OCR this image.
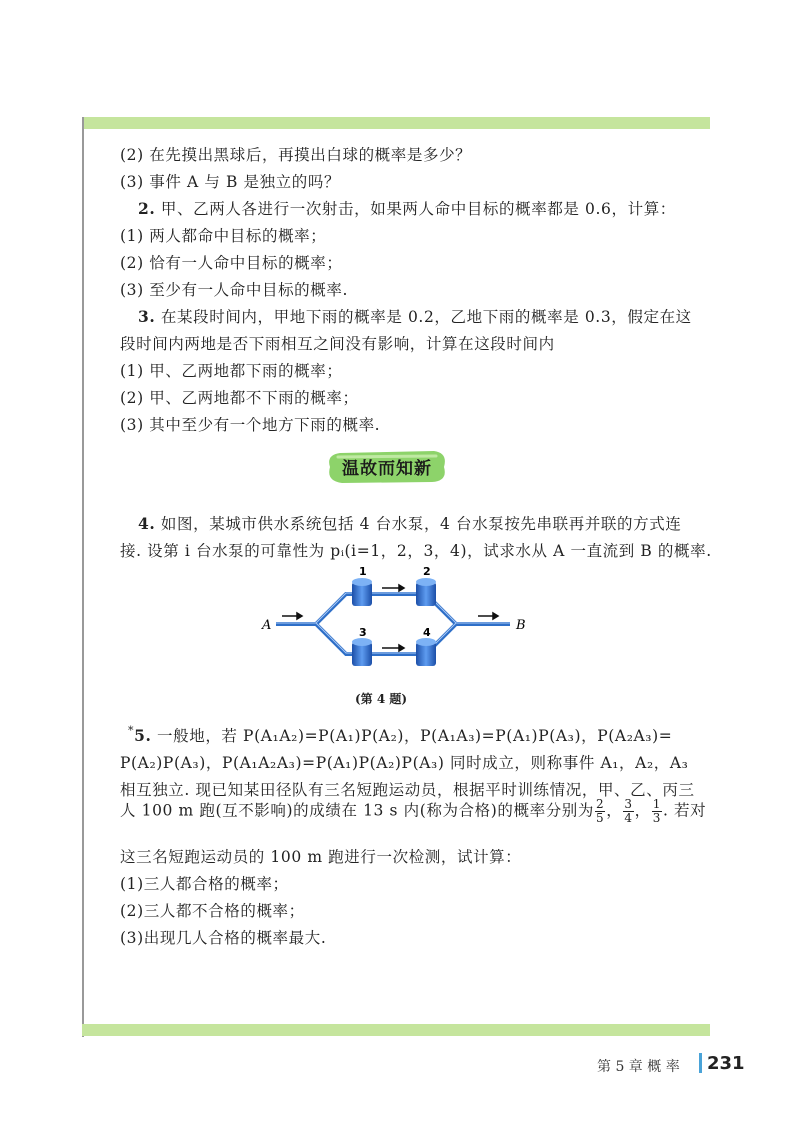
(2) 在先摸出黑球后，再摸出白球的概率是多少？
(3) 事件 A 与 B 是独立的吗？
2. 甲、乙两人各进行一次射击，如果两人命中目标的概率都是 0.6，计算：
(1) 两人都命中目标的概率；
(2) 恰有一人命中目标的概率；
(3) 至少有一人命中目标的概率.
3. 在某段时间内，甲地下雨的概率是 0.2，乙地下雨的概率是 0.3，假定在这
段时间内两地是否下雨相互之间没有影响，计算在这段时间内
(1) 甲、乙两地都下雨的概率；
(2) 甲、乙两地都不下雨的概率；
(3) 其中至少有一个地方下雨的概率.
温故而知新
4. 如图，某城市供水系统包括 4 台水泵，4 台水泵按先串联再并联的方式连
接. 设第 i 台水泵的可靠性为 pᵢ(i=1，2，3，4)，试求水从 A 一直流到 B 的概率.
A	B
1	2
3	4
(第 4 题)
*5. 一般地，若 P(A₁A₂)=P(A₁)P(A₂)，P(A₁A₃)=P(A₁)P(A₃)，P(A₂A₃)=
P(A₂)P(A₃)，P(A₁A₂A₃)=P(A₁)P(A₂)P(A₃) 同时成立，则称事件 A₁，A₂，A₃
相互独立. 现已知某田径队有三名短跑运动员，根据平时训练情况，甲、乙、丙三
人 100 m 跑(互不影响)的成绩在 13 s 内(称为合格)的概率分别为 $\frac{2}{5}$ ， $\frac{3}{4}$ ， $\frac{1}{3}$ . 若对
这三名短跑运动员的 100 m 跑进行一次检测，试计算：
(1)三人都合格的概率；
(2)三人都不合格的概率；
(3)出现几人合格的概率最大.
第 5 章 概 率 231
